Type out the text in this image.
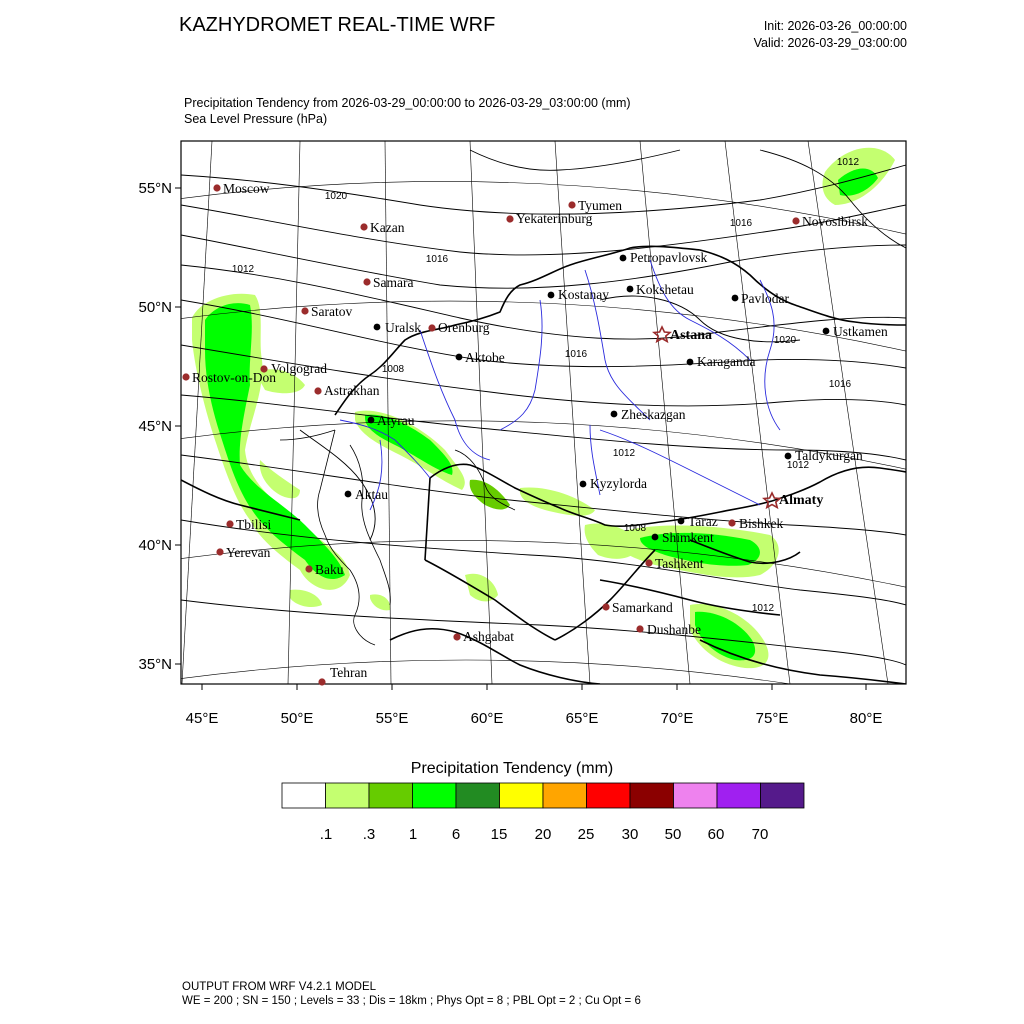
KAZHYDROMET REAL-TIME WRF	Init: 2026-03-26_00:00:00
Valid: 2026-03-29_03:00:00
Precipitation Tendency from 2026-03-29_00:00:00 to 2026-03-29_03:00:00 (mm)
Sea Level Pressure (hPa)
55°N
50°N
45°N
40°N
35°N
45°E	50°E	55°E	60°E	65°E	70°E	75°E	80°E
1012
1020
1016
1012
1016
1020
1008
1016
1016
1012
1012
1008
1012
Moscow
Kazan
Tyumen
Yekaterinburg	Novosibirsk
Petropavlovsk
Samara
Kostanay Kokshetau
Pavlodar
Saratov
Uralsk Orenburg
Astana	Ustkamen
Volgograd
Aktobe	Karaganda
Rostov-on-Don
Astrakhan
Zheskazgan
Atyrau
Taldykurgan
Kyzylorda
Almaty
Aktau
Tbilisi	Taraz Bishkek
Shimkent
Yerevan
Baku	Tashkent
Samarkand
Ashgabat	Dushanbe
Tehran
Precipitation Tendency (mm)
.1 .3 1 6 15 20 25 30 50 60 70
OUTPUT FROM WRF V4.2.1 MODEL
WE = 200 ; SN = 150 ; Levels = 33 ; Dis = 18km ; Phys Opt = 8 ; PBL Opt = 2 ; Cu Opt = 6
